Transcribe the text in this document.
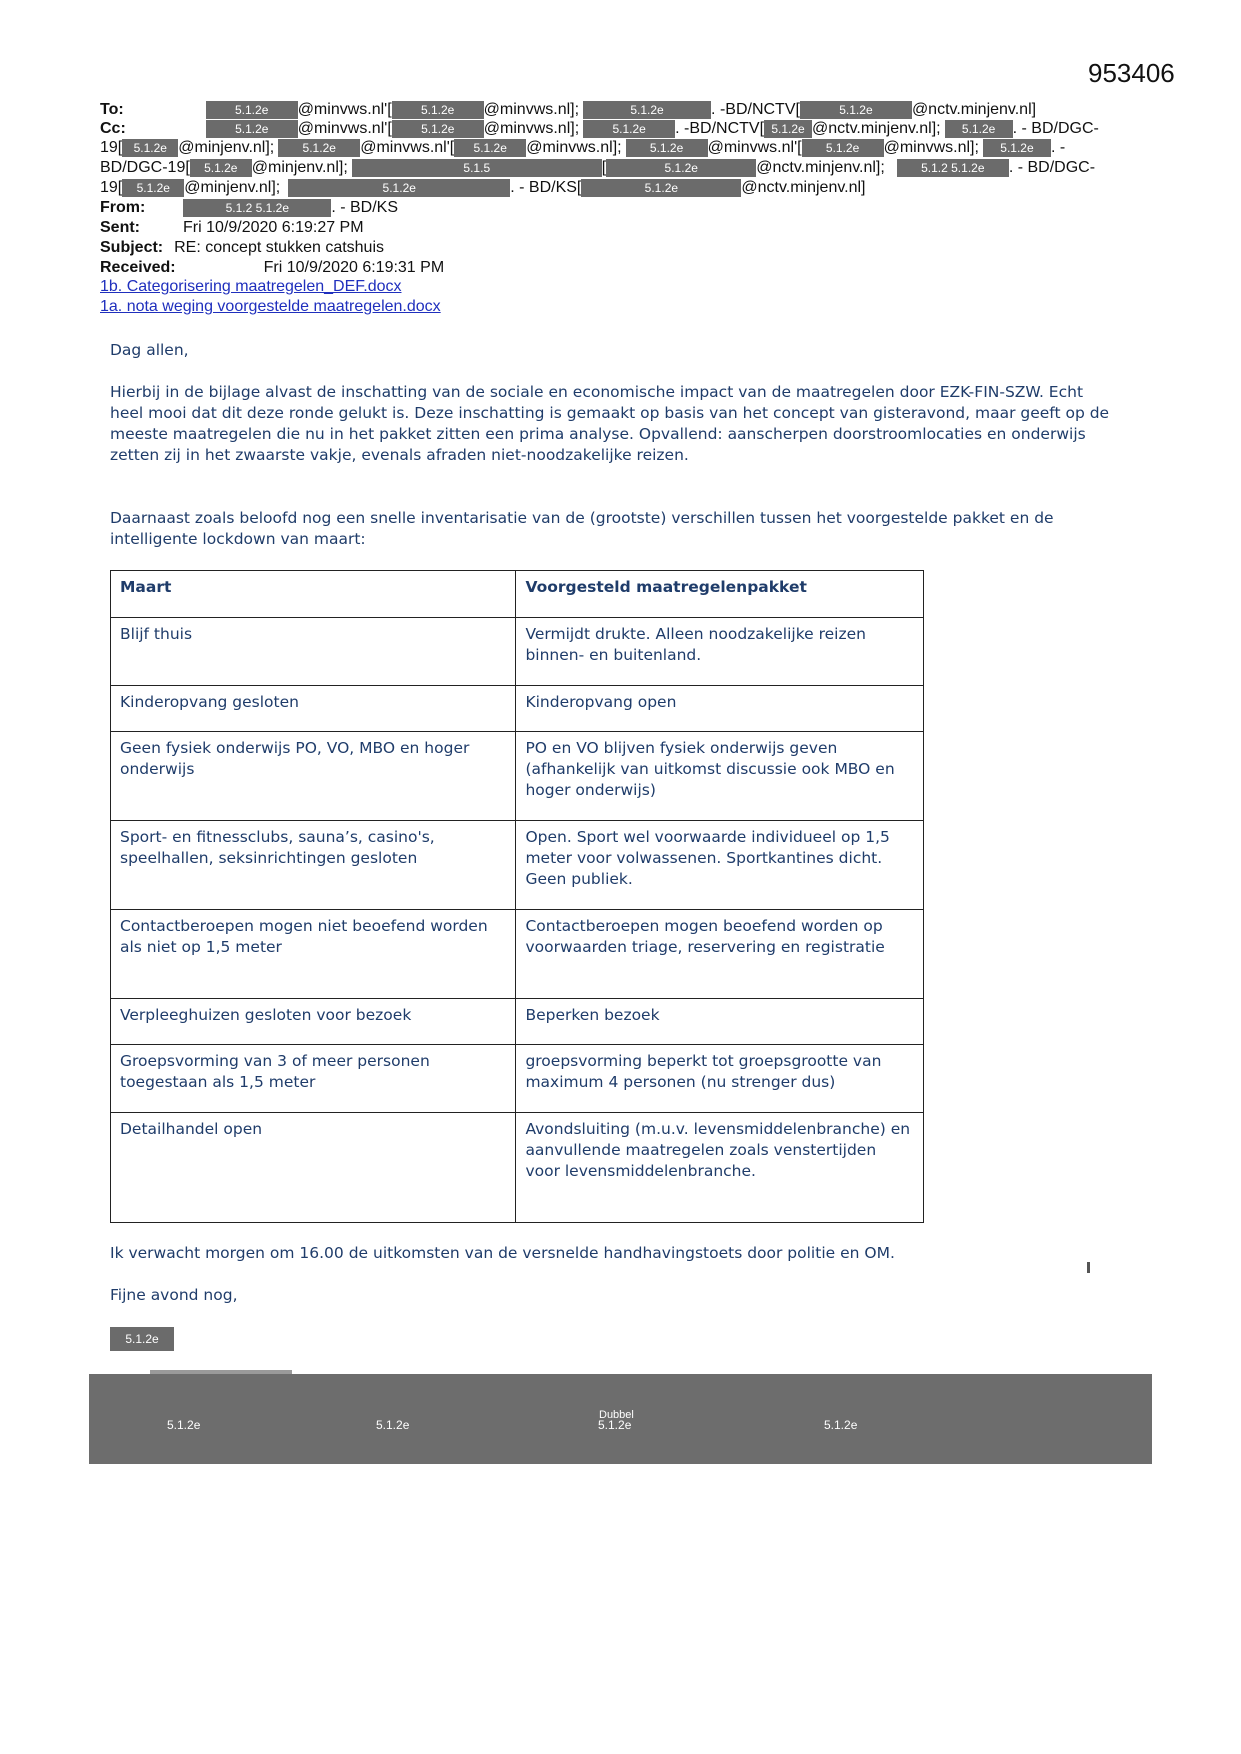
953406
To:	5.1.2e @minvws.nl'[ 5.1.2e @minvws.nl];	5.1.2e	. -BD/NCTV[	5.1.2e @nctv.minjenv.nl]
Cc:	5.1.2e @minvws.nl'[ 5.1.2e @minvws.nl];	5.1.2e . -BD/NCTV[ 5.1.2e @nctv.minjenv.nl]; 5.1.2e . - BD/DGC-
19[ 5.1.2e @minjenv.nl]; 5.1.2e @minvws.nl'[ 5.1.2e @minvws.nl]; 5.1.2e @minvws.nl'[ 5.1.2e @minvws.nl]; 5.1.2e . -
BD/DGC-19[ 5.1.2e @minjenv.nl];	5.1.5	[	5.1.2e	@nctv.minjenv.nl];	5.1.2 5.1.2e . - BD/DGC-
19[ 5.1.2e @minjenv.nl];	5.1.2e	. - BD/KS[	5.1.2e	@nctv.minjenv.nl]
From:	5.1.2 5.1.2e	. - BD/KS
Sent:	Fri 10/9/2020 6:19:27 PM
Subject: RE: concept stukken catshuis
Received:	Fri 10/9/2020 6:19:31 PM
1b. Categorisering maatregelen_DEF.docx
1a. nota weging voorgestelde maatregelen.docx
Dag allen,
Hierbij in de bijlage alvast de inschatting van de sociale en economische impact van de maatregelen door EZK-FIN-SZW. Echt heel mooi dat dit deze ronde gelukt is. Deze inschatting is gemaakt op basis van het concept van gisteravond, maar geeft op de meeste maatregelen die nu in het pakket zitten een prima analyse. Opvallend: aanscherpen doorstroomlocaties en onderwijs zetten zij in het zwaarste vakje, evenals afraden niet-noodzakelijke reizen.
Daarnaast zoals beloofd nog een snelle inventarisatie van de (grootste) verschillen tussen het voorgestelde pakket en de intelligente lockdown van maart:
Maart	Voorgesteld maatregelenpakket
Blijf thuis	Vermijdt drukte. Alleen noodzakelijke reizen binnen- en buitenland.
Kinderopvang gesloten	Kinderopvang open
Geen fysiek onderwijs PO, VO, MBO en hoger onderwijs	PO en VO blijven fysiek onderwijs geven (afhankelijk van uitkomst discussie ook MBO en hoger onderwijs)
Sport- en fitnessclubs, sauna’s, casino's, speelhallen, seksinrichtingen gesloten	Open. Sport wel voorwaarde individueel op 1,5 meter voor volwassenen. Sportkantines dicht. Geen publiek.
Contactberoepen mogen niet beoefend worden als niet op 1,5 meter	Contactberoepen mogen beoefend worden op voorwaarden triage, reservering en registratie
Verpleeghuizen gesloten voor bezoek	Beperken bezoek
Groepsvorming van 3 of meer personen toegestaan als 1,5 meter	groepsvorming beperkt tot groepsgrootte van maximum 4 personen (nu strenger dus)
Detailhandel open	Avondsluiting (m.u.v. levensmiddelenbranche) en aanvullende maatregelen zoals venstertijden voor levensmiddelenbranche.
Ik verwacht morgen om 16.00 de uitkomsten van de versnelde handhavingstoets door politie en OM.
Fijne avond nog,
5.1.2e
Dubbel
5.1.2e	5.1.2e	5.1.2e	5.1.2e
